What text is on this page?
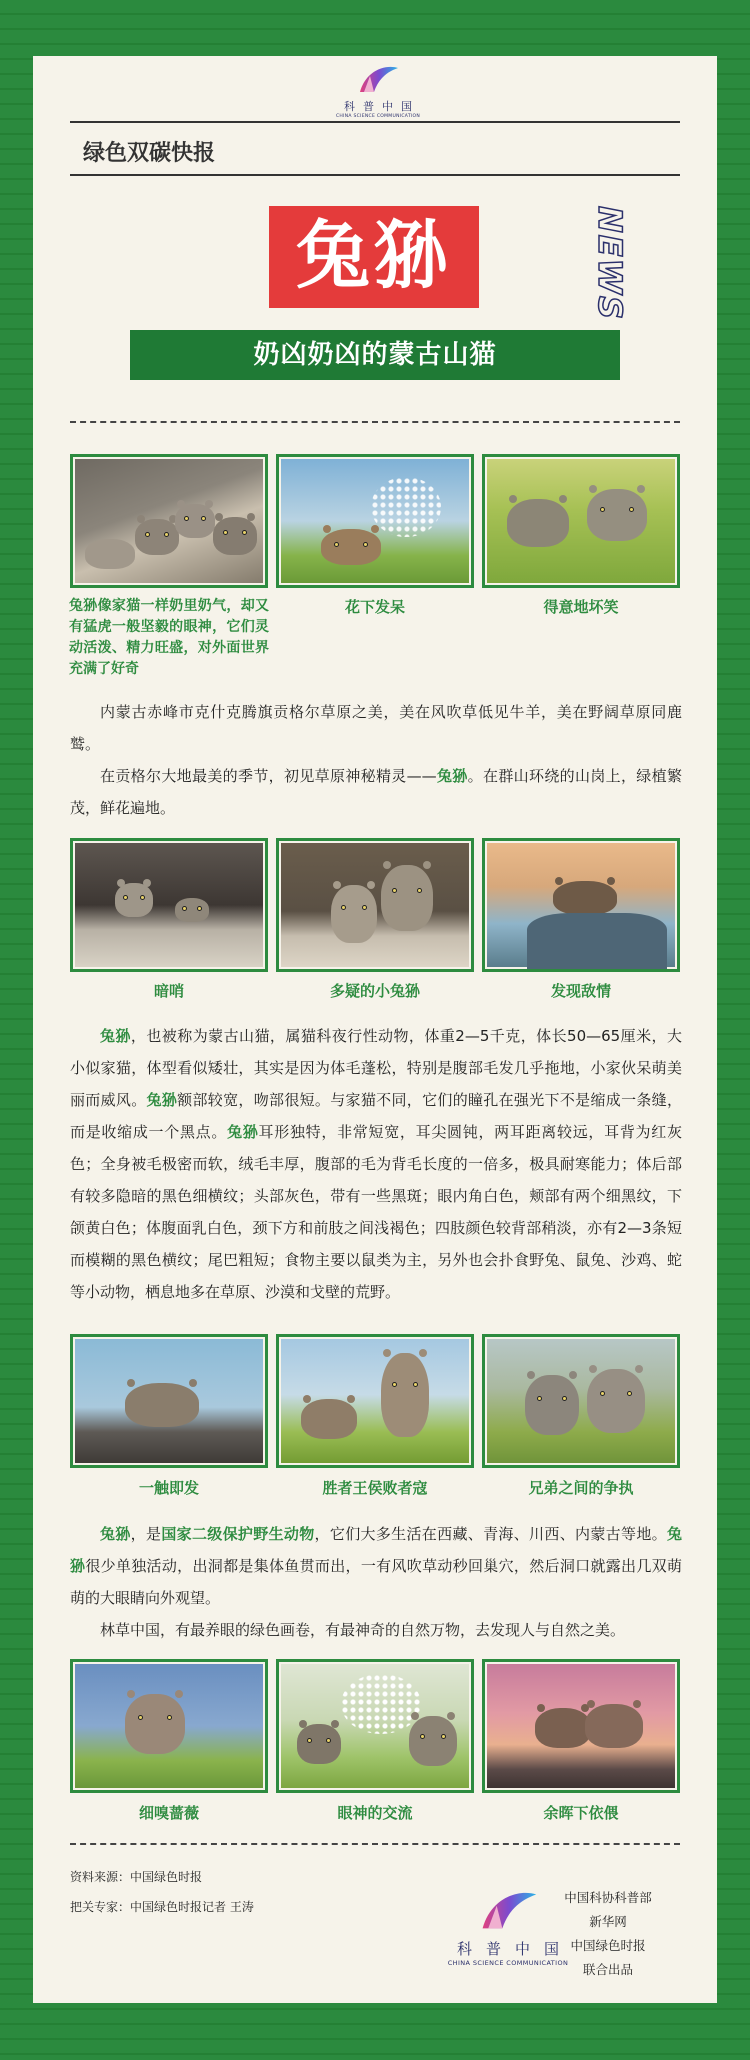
科普中国
CHINA SCIENCE COMMUNICATION
绿色双碳快报
兔狲	NEWS
奶凶奶凶的蒙古山猫
兔狲像家猫一样奶里奶气，却又有猛虎一般坚毅的眼神，它们灵动活泼、精力旺盛，对外面世界充满了好奇
花下发呆	得意地坏笑

内蒙古赤峰市克什克腾旗贡格尔草原之美，美在风吹草低见牛羊，美在野阔草原同鹿鹫。

在贡格尔大地最美的季节，初见草原神秘精灵——兔狲。在群山环绕的山岗上，绿植繁茂，鲜花遍地。

暗哨	多疑的小兔狲	发现敌情

兔狲，也被称为蒙古山猫，属猫科夜行性动物，体重2—5千克，体长50—65厘米，大小似家猫，体型看似矮壮，其实是因为体毛蓬松，特别是腹部毛发几乎拖地，小家伙呆萌美丽而威风。兔狲额部较宽，吻部很短。与家猫不同，它们的瞳孔在强光下不是缩成一条缝，而是收缩成一个黑点。兔狲耳形独特，非常短宽，耳尖圆钝，两耳距离较远，耳背为红灰色；全身被毛极密而软，绒毛丰厚，腹部的毛为背毛长度的一倍多，极具耐寒能力；体后部有较多隐暗的黑色细横纹；头部灰色，带有一些黑斑；眼内角白色，颊部有两个细黑纹，下颌黄白色；体腹面乳白色，颈下方和前肢之间浅褐色；四肢颜色较背部稍淡，亦有2—3条短而模糊的黑色横纹；尾巴粗短；食物主要以鼠类为主，另外也会扑食野兔、鼠兔、沙鸡、蛇等小动物，栖息地多在草原、沙漠和戈壁的荒野。

一触即发	胜者王侯败者寇	兄弟之间的争执

兔狲，是国家二级保护野生动物，它们大多生活在西藏、青海、川西、内蒙古等地。兔狲很少单独活动，出洞都是集体鱼贯而出，一有风吹草动秒回巢穴，然后洞口就露出几双萌萌的大眼睛向外观望。

林草中国，有最养眼的绿色画卷，有最神奇的自然万物，去发现人与自然之美。

细嗅蔷薇	眼神的交流	余晖下依偎
资料来源：中国绿色时报
把关专家：中国绿色时报记者 王涛
科普中国
CHINA SCIENCE COMMUNICATION
中国科协科普部
新华网
中国绿色时报
联合出品
